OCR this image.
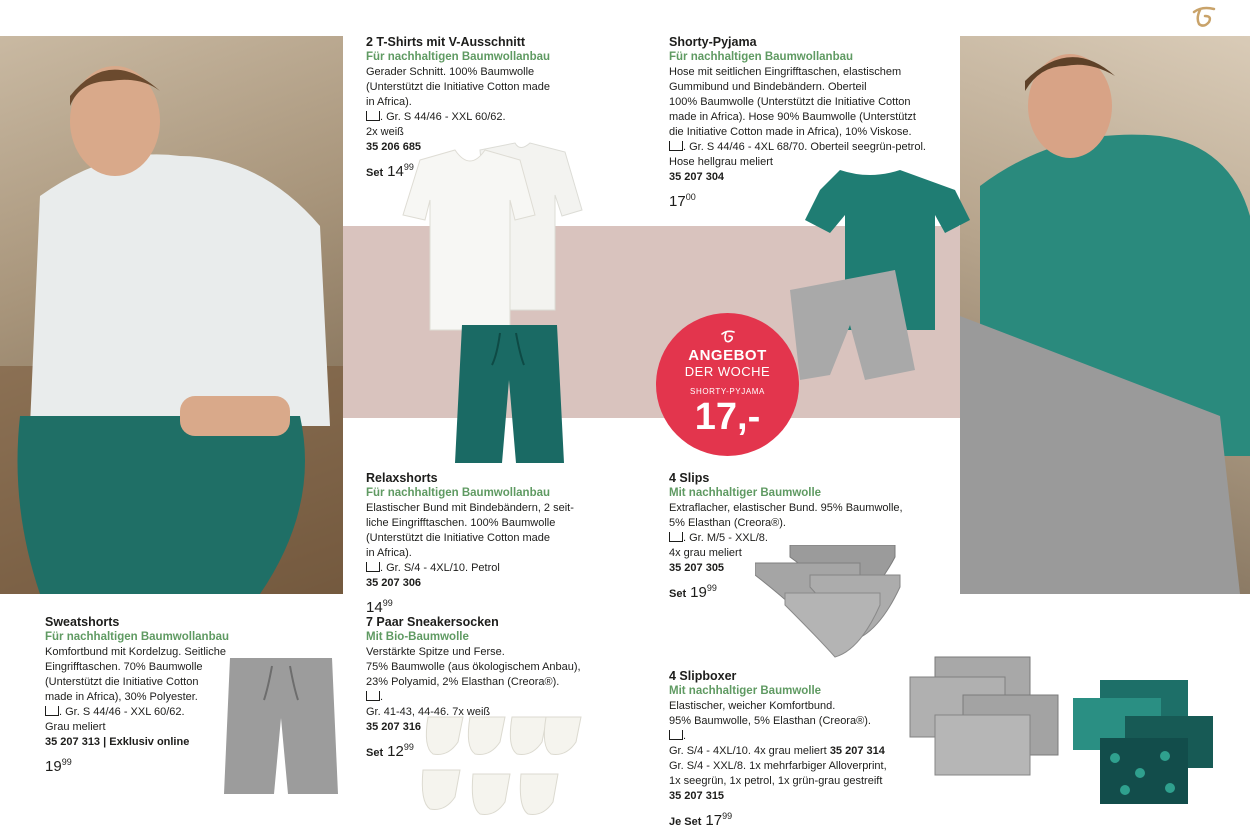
2 T-Shirts mit V-Ausschnitt
Für nachhaltigen Baumwollanbau
Gerader Schnitt. 100% Baumwolle
(Unterstützt die Initiative Cotton made
in Africa).
. Gr. S 44/46 - XXL 60/62.
2x weiß
35 206 685
Set $14^{99}$
Shorty-Pyjama
Für nachhaltigen Baumwollanbau
Hose mit seitlichen Eingrifftaschen, elastischem
Gummibund und Bindebändern. Oberteil
100% Baumwolle (Unterstützt die Initiative Cotton
made in Africa). Hose 90% Baumwolle (Unterstützt
die Initiative Cotton made in Africa), 10% Viskose.
. Gr. S 44/46 - 4XL 68/70. Oberteil seegrün-petrol.
Hose hellgrau meliert
35 207 304
$17^{00}$
Relaxshorts
Für nachhaltigen Baumwollanbau
Elastischer Bund mit Bindebändern, 2 seit-
liche Eingrifftaschen. 100% Baumwolle
(Unterstützt die Initiative Cotton made
in Africa).
. Gr. S/4 - 4XL/10. Petrol
35 207 306
$14^{99}$
4 Slips
Mit nachhaltiger Baumwolle
Extraflacher, elastischer Bund. 95% Baumwolle,
5% Elasthan (Creora®).
. Gr. M/5 - XXL/8.
4x grau meliert
35 207 305
Set $19^{99}$
Sweatshorts
Für nachhaltigen Baumwollanbau
Komfortbund mit Kordelzug. Seitliche
Eingrifftaschen. 70% Baumwolle
(Unterstützt die Initiative Cotton
made in Africa), 30% Polyester.
. Gr. S 44/46 - XXL 60/62.
Grau meliert
35 207 313 | Exklusiv online
$19^{99}$
7 Paar Sneakersocken
Mit Bio-Baumwolle
Verstärkte Spitze und Ferse.
75% Baumwolle (aus ökologischem Anbau),
23% Polyamid, 2% Elasthan (Creora®).
.
Gr. 41-43, 44-46. 7x weiß
35 207 316
Set $12^{99}$
4 Slipboxer
Mit nachhaltiger Baumwolle
Elastischer, weicher Komfortbund.
95% Baumwolle, 5% Elasthan (Creora®).
.
Gr. S/4 - 4XL/10. 4x grau meliert 35 207 314
Gr. S/4 - XXL/8. 1x mehrfarbiger Alloverprint,
1x seegrün, 1x petrol, 1x grün-grau gestreift
35 207 315
Je Set $17^{99}$
ANGEBOT
DER WOCHE
SHORTY-PYJAMA
17,-
